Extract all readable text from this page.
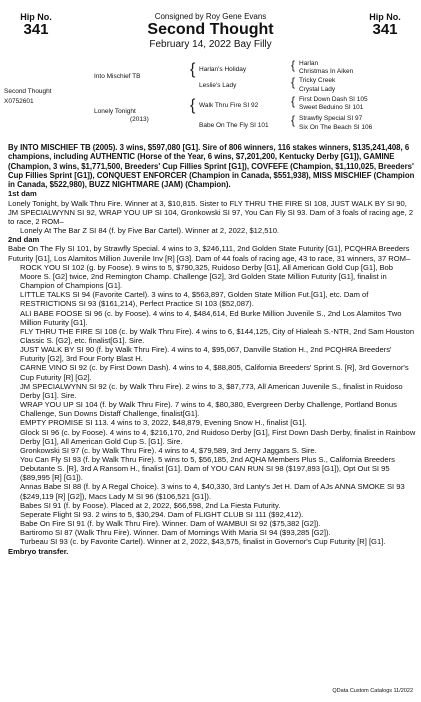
Hip No.
341
Hip No.
341
Consigned by Roy Gene Evans
Second Thought
February 14, 2022 Bay Filly
Into Mischief TB
Second Thought
X0752601
Lonely Tonight
(2013)
{ Harlan's Holiday
Leslie's Lady
{ Walk Thru Fire SI 92
Babe On The Fly SI 101
{ Harlan
Christmas In Aiken
{ Tricky Creek
Crystal Lady
{ First Down Dash SI 105
Sweet Beduino SI 101
{ Strawfly Special SI 97
Six On The Beach SI 106

By INTO MISCHIEF TB (2005). 3 wins, $597,080 [G1]. Sire of 806 winners, 116 stakes winners, $135,241,408, 6 champions, including AUTHENTIC (Horse of the Year, 6 wins, $7,201,200, Kentucky Derby [G1]), GAMINE (Champion, 3 wins, $1,771,500, Breeders' Cup Fillies Sprint [G1]), COVFEFE (Champion, $1,110,025, Breeders' Cup Fillies Sprint [G1]), CONQUEST ENFORCER (Champion in Canada, $551,938), MISS MISCHIEF (Champion in Canada, $522,980), BUZZ NIGHTMARE (JAM) (Champion).

1st dam

Lonely Tonight, by Walk Thru Fire. Winner at 3, $10,815. Sister to FLY THRU THE FIRE SI 108, JUST WALK BY SI 90, JM SPECIALWYNN SI 92, WRAP YOU UP SI 104, Gronkowski SI 97, You Can Fly SI 93. Dam of 3 foals of racing age, 2 to race, 2 ROM–

Lonely At The Bar Z SI 84 (f. by Five Bar Cartel). Winner at 2, 2022, $12,510.

2nd dam

Babe On The Fly SI 101, by Strawfly Special. 4 wins to 3, $246,111, 2nd Golden State Futurity [G1], PCQHRA Breeders Futurity [G1], Los Alamitos Million Juvenile Inv [R] [G3]. Dam of 44 foals of racing age, 43 to race, 31 winners, 37 ROM–

ROCK YOU SI 102 (g. by Foose). 9 wins to 5, $790,325, Ruidoso Derby [G1], All American Gold Cup [G1], Bob Moore S. [G2] twice, 2nd Remington Champ. Challenge [G2], 3rd Golden State Million Futurity [G1], finalist in Champion of Champions [G1].

LITTLE TALKS SI 94 (Favorite Cartel). 3 wins to 4, $563,897, Golden State Million Fut.[G1], etc. Dam of RESTRICTIONS SI 93 ($161,214), Perfect Practice SI 103 ($52,087).

ALI BABE FOOSE SI 96 (c. by Foose). 4 wins to 4, $484,614, Ed Burke Million Juvenile S., 2nd Los Alamitos Two Million Futurity [G1].

FLY THRU THE FIRE SI 108 (c. by Walk Thru Fire). 4 wins to 6, $144,125, City of Hialeah S.-NTR, 2nd Sam Houston Classic S. [G2], etc. finalist[G1]. Sire.

JUST WALK BY SI 90 (f. by Walk Thru Fire). 4 wins to 4, $95,067, Danville Station H., 2nd PCQHRA Breeders' Futurity [G2], 3rd Four Forty Blast H.

CARNE VINO SI 92 (c. by First Down Dash). 4 wins to 4, $88,805, California Breeders' Sprint S. [R], 3rd Governor's Cup Futurity [R] [G2].

JM SPECIALWYNN SI 92 (c. by Walk Thru Fire). 2 wins to 3, $87,773, All American Juvenile S., finalist in Ruidoso Derby [G1]. Sire.

WRAP YOU UP SI 104 (f. by Walk Thru Fire). 7 wins to 4, $80,380, Evergreen Derby Challenge, Portland Bonus Challenge, Sun Downs Distaff Challenge, finalist[G1].

EMPTY PROMISE SI 113. 4 wins to 3, 2022, $48,879, Evening Snow H., finalist [G1].

Glock SI 96 (c. by Foose). 4 wins to 4, $216,170, 2nd Ruidoso Derby [G1], First Down Dash Derby, finalist in Rainbow Derby [G1], All American Gold Cup S. [G1]. Sire.

Gronkowski SI 97 (c. by Walk Thru Fire). 4 wins to 4, $79,589, 3rd Jerry Jaggars S. Sire.

You Can Fly SI 93 (f. by Walk Thru Fire). 5 wins to 5, $56,185, 2nd AQHA Members Plus S., California Breeders Debutante S. [R], 3rd A Ransom H., finalist [G1]. Dam of YOU CAN RUN SI 98 ($197,893 [G1]), Opt Out SI 95 ($89,995 [R] [G1]).

Annas Babe SI 88 (f. by A Regal Choice). 3 wins to 4, $40,330, 3rd Lanty's Jet H. Dam of AJs ANNA SMOKE SI 93 ($249,119 [R] [G2]), Macs Lady M SI 96 ($106,521 [G1]).

Babes SI 91 (f. by Foose). Placed at 2, 2022, $66,598, 2nd La Fiesta Futurity.

Seperate Flight SI 93. 2 wins to 5, $30,294. Dam of FLIGHT CLUB SI 111 ($92,412).

Babe On Fire SI 91 (f. by Walk Thru Fire). Winner. Dam of WAMBUI SI 92 ($75,382 [G2]).

Bartiromo SI 87 (Walk Thru Fire). Winner. Dam of Mornings With Maria SI 94 ($93,285 [G2]).

Turbeau SI 93 (c. by Favorite Cartel). Winner at 2, 2022, $43,575, finalist in Governor's Cup Futurity [R] [G1].

Embryo transfer.

QData Custom Catalogs 11/2022
